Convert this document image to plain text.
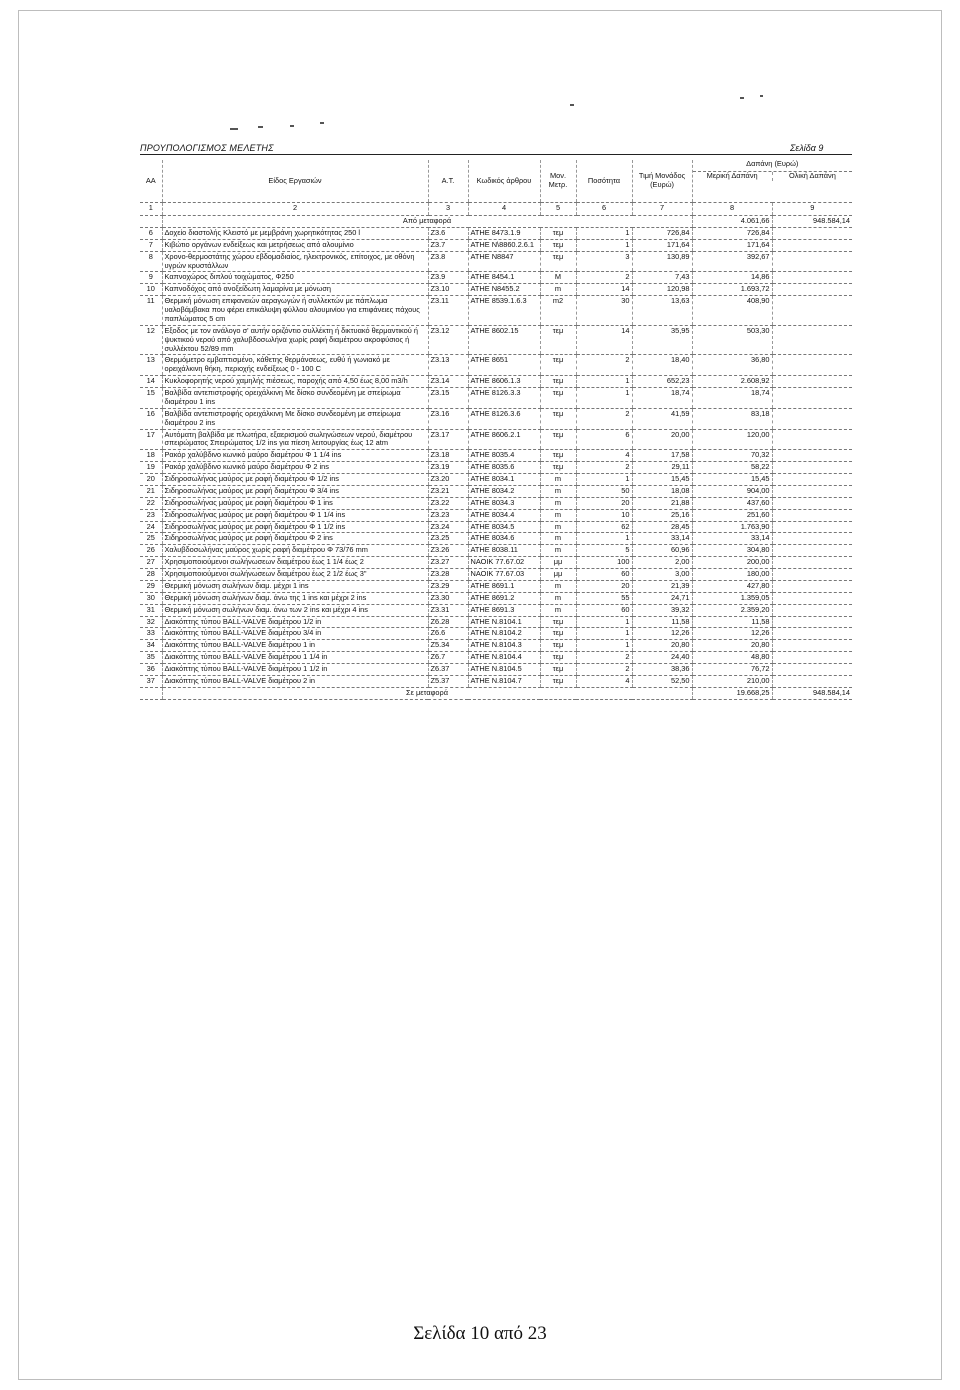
ΠΡΟΥΠΟΛΟΓΙΣΜΟΣ ΜΕΛΕΤΗΣ	Σελίδα 9
ΑΑ	Είδος Εργασιών	Α.Τ.	Κωδικός άρθρου	Μον. Μετρ.	Ποσότητα	Τιμή Μονάδος (Ευρώ)	Δαπάνη (Ευρώ)
Μερική Δαπάνη Ολική Δαπάνη	

1	2	3	4	5	6	7	8	9
	Από μεταφορά						4.061,66	948.584,14
6	Δοχείο διαστολής Κλειστό με μεμβράνη χωρητικότητας 250 l	Z3.6	ΑΤΗΕ 8473.1.9	τεμ	1	726,84	726,84	
7	Κιβώτιο οργάνων ενδείξεως και μετρήσεως από αλουμίνιο	Z3.7	ΑΤΗΕ Ν\8860.2.6.1	τεμ	1	171,64	171,64	
8	Χρονο-θερμοστάτης χώρου εβδομαδιαίος, ηλεκτρονικός, επίτοιχος, με οθόνη υγρών κρυστάλλων	Z3.8	ΑΤΗΕ Ν8847	τεμ	3	130,89	392,67	
9	Καπνοχώρος διπλού τοιχώματος, Φ250	Z3.9	ΑΤΗΕ 8454.1	Μ	2	7,43	14,86	
10	Καπνοδόχος από ανοξείδωτη λαμαρίνα με μόνωση	Z3.10	ΑΤΗΕ Ν8455.2	m	14	120,98	1.693,72	
11	Θερμική μόνωση επιφανειών αεραγωγών ή συλλεκτών με πάπλωμα υαλοβάμβακα που φέρει επικάλυψη φύλλου αλουμινίου για επιφάνειες πάχους παπλώματος 5 cm	Z3.11	ΑΤΗΕ 8539.1.6.3	m2	30	13,63	408,90	
12	Εξοδος με τον ανάλογο σ' αυτήν οριζόντιο συλλέκτη ή δικτυακό θερμαντικού ή ψυκτικού νερού από χαλυβδοσωλήνα χωρίς ραφή διαμέτρου ακροφύσιος ή συλλέκτου 52/89 mm	Z3.12	ΑΤΗΕ 8602.15	τεμ	14	35,95	503,30	
13	Θερμόμετρο εμβαπτισμένο, κάθετης θερμάνσεως, ευθύ ή γωνιακό με ορειχάλκινη θήκη, περιοχής ενδείξεως 0 - 100 C	Z3.13	ΑΤΗΕ 8651	τεμ	2	18,40	36,80	
14	Κυκλοφορητής νερού χαμηλής πιέσεως, παροχής από 4,50 έως 8,00 m3/h	Z3.14	ΑΤΗΕ 8606.1.3	τεμ	1	652,23	2.608,92	
15	Βαλβίδα αντεπιστροφής ορειχάλκινη Με δίσκο συνδεομένη με σπείρωμα διαμέτρου 1 ins	Z3.15	ΑΤΗΕ 8126.3.3	τεμ	1	18,74	18,74	
16	Βαλβίδα αντεπιστροφής ορειχάλκινη Με δίσκο συνδεομένη με σπείρωμα διαμέτρου 2 ins	Z3.16	ΑΤΗΕ 8126.3.6	τεμ	2	41,59	83,18	
17	Αυτόματη βαλβίδα με πλωτήρα, εξαερισμού σωληνώσεων νερού, διαμέτρου σπειρώματος Σπειρώματος 1/2 ins για πίεση λειτουργίας έως 12 atm	Z3.17	ΑΤΗΕ 8606.2.1	τεμ	6	20,00	120,00	
18	Ρακόρ χαλύβδινο κωνικό μαύρο διαμέτρου Φ 1 1/4 ins	Z3.18	ΑΤΗΕ 8035.4	τεμ	4	17,58	70,32	
19	Ρακόρ χαλύβδινο κωνικό μαύρο διαμέτρου Φ 2 ins	Z3.19	ΑΤΗΕ 8035.6	τεμ	2	29,11	58,22	
20	Σιδηροσωλήνας μαύρος με ραφή διαμέτρου Φ 1/2 ins	Z3.20	ΑΤΗΕ 8034.1	m	1	15,45	15,45	
21	Σιδηροσωλήνας μαύρος με ραφή διαμέτρου Φ 3/4 ins	Z3.21	ΑΤΗΕ 8034.2	m	50	18,08	904,00	
22	Σιδηροσωλήνας μαύρος με ραφή διαμέτρου Φ 1 ins	Z3.22	ΑΤΗΕ 8034.3	m	20	21,88	437,60	
23	Σιδηροσωλήνας μαύρος με ραφή διαμέτρου Φ 1 1/4 ins	Z3.23	ΑΤΗΕ 8034.4	m	10	25,16	251,60	
24	Σιδηροσωλήνας μαύρος με ραφή διαμέτρου Φ 1 1/2 ins	Z3.24	ΑΤΗΕ 8034.5	m	62	28,45	1.763,90	
25	Σιδηροσωλήνας μαύρος με ραφή διαμέτρου Φ 2 ins	Z3.25	ΑΤΗΕ 8034.6	m	1	33,14	33,14	
26	Χαλυβδοσωλήνας μαύρος χωρίς ραφή διαμέτρου Φ 73/76 mm	Z3.26	ΑΤΗΕ 8038.11	m	5	60,96	304,80	
27	Χρησιμοποιούμενοι σωλήνωσεων διαμέτρου έως 1 1/4 έως 2	Z3.27	ΝΑΟΙΚ 77.67.02	μμ	100	2,00	200,00	
28	Χρησιμοποιούμενοι σωλήνωσεων διαμέτρου έως 2 1/2 έως 3"	Z3.28	ΝΑΟΙΚ 77.67.03	μμ	60	3,00	180,00	
29	Θερμική μόνωση σωλήνων διαμ. μέχρι 1 ins	Z3.29	ΑΤΗΕ 8691.1	m	20	21,39	427,80	
30	Θερμική μόνωση σωλήνων διαμ. άνω της 1 ins και μέχρι 2 ins	Z3.30	ΑΤΗΕ 8691.2	m	55	24,71	1.359,05	
31	Θερμική μόνωση σωλήνων διαμ. άνω των 2 ins και μέχρι 4 ins	Z3.31	ΑΤΗΕ 8691.3	m	60	39,32	2.359,20	
32	Διακόπτης τύπου BALL-VALVE διαμέτρου 1/2 in	Z6.28	ΑΤΗΕ Ν.8104.1	τεμ	1	11,58	11,58	
33	Διακόπτης τύπου BALL-VALVE διαμέτρου 3/4 in	Z6.6	ΑΤΗΕ Ν.8104.2	τεμ	1	12,26	12,26	
34	Διακόπτης τύπου BALL-VALVE διαμέτρου 1 in	Z5.34	ΑΤΗΕ Ν.8104.3	τεμ	1	20,80	20,80	
35	Διακόπτης τύπου BALL-VALVE διαμέτρου 1 1/4 in	Z6.7	ΑΤΗΕ Ν.8104.4	τεμ	2	24,40	48,80	
36	Διακόπτης τύπου BALL-VALVE διαμέτρου 1 1/2 in	Z6.37	ΑΤΗΕ Ν.8104.5	τεμ	2	38,36	76,72	
37	Διακόπτης τύπου BALL-VALVE διαμέτρου 2 in	Z5.37	ΑΤΗΕ Ν.8104.7	τεμ	4	52,50	210,00	
	Σε μεταφορά						19.668,25	948.584,14
Σελίδα 10 από 23
